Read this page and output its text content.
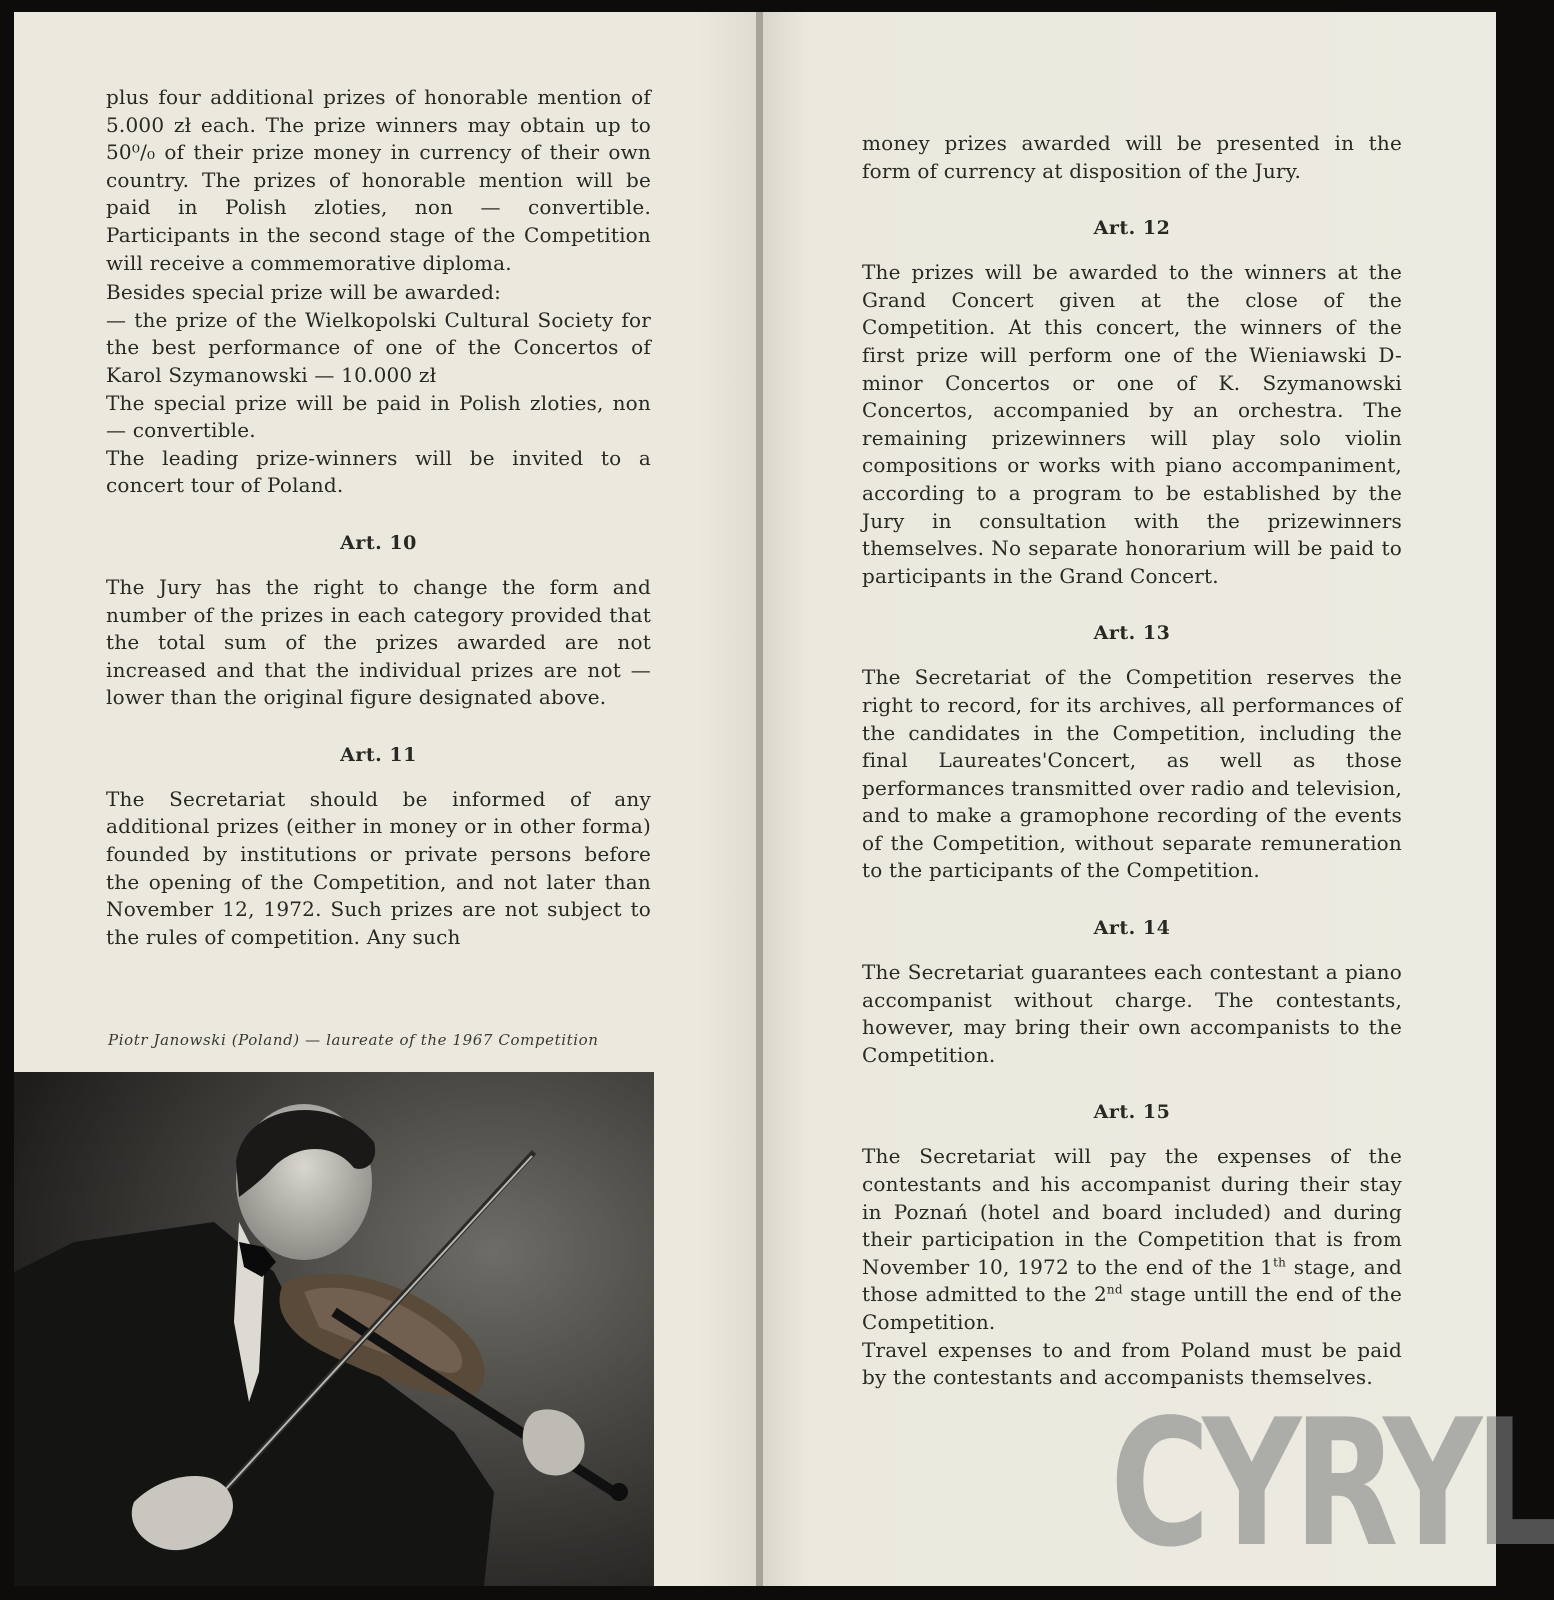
plus four additional prizes of honorable mention of 5.000 zł each. The prize winners may obtain up to 50⁰/₀ of their prize money in currency of their own country. The prizes of honorable mention will be paid in Polish zloties, non — convertible. Participants in the second stage of the Competition will receive a commemorative diploma.

Besides special prize will be awarded:

— the prize of the Wielkopolski Cultural Society for the best performance of one of the Concertos of Karol Szymanowski — 10.000 zł

The special prize will be paid in Polish zloties, non — convertible.

The leading prize-winners will be invited to a concert tour of Poland.

Art. 10

The Jury has the right to change the form and number of the prizes in each category provided that the total sum of the prizes awarded are not increased and that the individual prizes are not — lower than the original figure designated above.

Art. 11

The Secretariat should be informed of any additional prizes (either in money or in other forma) founded by institutions or private persons before the opening of the Competition, and not later than November 12, 1972. Such prizes are not subject to the rules of competition. Any such

Piotr Janowski (Poland) — laureate of the 1967 Competition

money prizes awarded will be presented in the form of currency at disposition of the Jury.

Art. 12

The prizes will be awarded to the winners at the Grand Concert given at the close of the Competition. At this concert, the winners of the first prize will perform one of the Wieniawski D-minor Concertos or one of K. Szymanowski Concertos, accompanied by an orchestra. The remaining prizewinners will play solo violin compositions or works with piano accompaniment, according to a program to be established by the Jury in consultation with the prizewinners themselves. No separate honorarium will be paid to participants in the Grand Concert.

Art. 13

The Secretariat of the Competition reserves the right to record, for its archives, all performances of the candidates in the Competition, including the final Laureates'Concert, as well as those performances transmitted over radio and television, and to make a gramophone recording of the events of the Competition, without separate remuneration to the participants of the Competition.

Art. 14

The Secretariat guarantees each contestant a piano accompanist without charge. The contestants, however, may bring their own accompanists to the Competition.

Art. 15

The Secretariat will pay the expenses of the contestants and his accompanist during their stay in Poznań (hotel and board included) and during their participation in the Competition that is from November 10, 1972 to the end of the 1th stage, and those admitted to the 2nd stage untill the end of the Competition.

Travel expenses to and from Poland must be paid by the contestants and accompanists themselves.

CYRYL
